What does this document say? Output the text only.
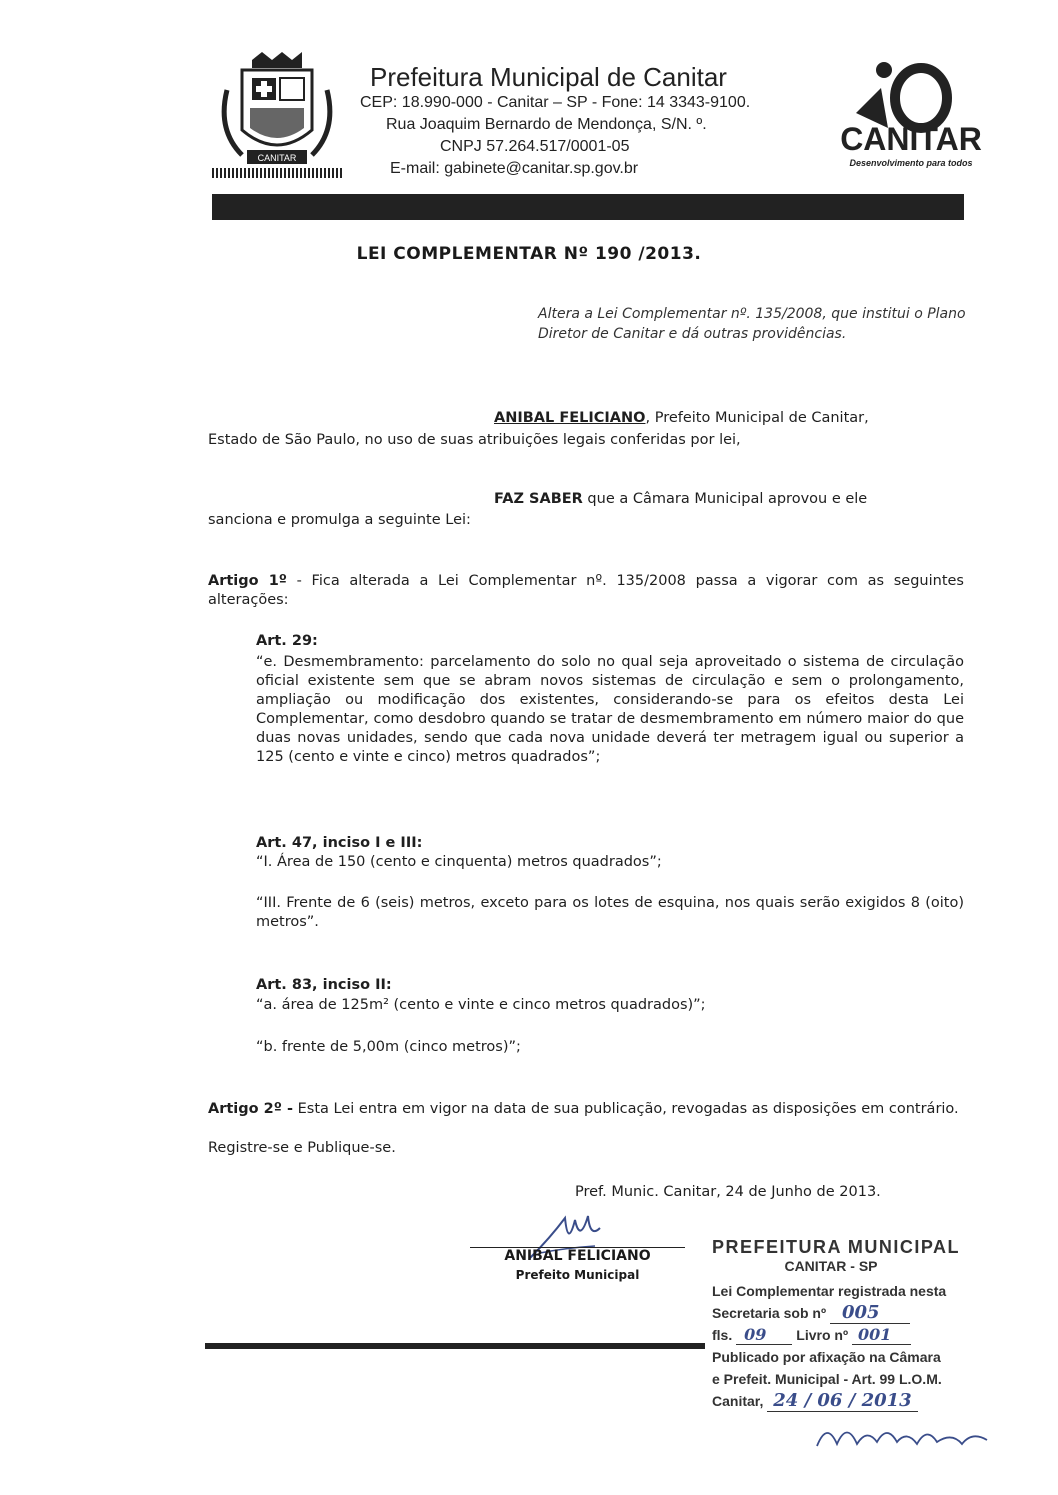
CANITAR
Prefeitura Municipal de Canitar
CEP: 18.990-000 - Canitar – SP - Fone: 14 3343-9100.
Rua Joaquim Bernardo de Mendonça, S/N. º.
CNPJ 57.264.517/0001-05
E-mail: gabinete@canitar.sp.gov.br
CANITAR
Desenvolvimento para todos
LEI COMPLEMENTAR Nº 190 /2013.
Altera a Lei Complementar nº. 135/2008, que institui o Plano Diretor de Canitar e dá outras providências.
ANIBAL FELICIANO, Prefeito Municipal de Canitar,
Estado de São Paulo, no uso de suas atribuições legais conferidas por lei,
FAZ SABER que a Câmara Municipal aprovou e ele
sanciona e promulga a seguinte Lei:
Artigo 1º - Fica alterada a Lei Complementar nº. 135/2008 passa a vigorar com as seguintes alterações:
Art. 29:
“e. Desmembramento: parcelamento do solo no qual seja aproveitado o sistema de circulação oficial existente sem que se abram novos sistemas de circulação e sem o prolongamento, ampliação ou modificação dos existentes, considerando-se para os efeitos desta Lei Complementar, como desdobro quando se tratar de desmembramento em número maior do que duas novas unidades, sendo que cada nova unidade deverá ter metragem igual ou superior a 125 (cento e vinte e cinco) metros quadrados”;
Art. 47, inciso I e III:
“I. Área de 150 (cento e cinquenta) metros quadrados”;
“III. Frente de 6 (seis) metros, exceto para os lotes de esquina, nos quais serão exigidos 8 (oito) metros”.
Art. 83, inciso II:
“a. área de 125m² (cento e vinte e cinco metros quadrados)”;
“b. frente de 5,00m (cinco metros)”;
Artigo 2º - Esta Lei entra em vigor na data de sua publicação, revogadas as disposições em contrário.
Registre-se e Publique-se.
Pref. Munic. Canitar, 24 de Junho de 2013.
ANIBAL FELICIANO
Prefeito Municipal
PREFEITURA MUNICIPAL
CANITAR - SP
Lei Complementar registrada nesta
Secretaria sob nº 005
fls. 09 Livro nº 001
Publicado por afixação na Câmara
e Prefeit. Municipal - Art. 99 L.O.M.
Canitar, 24 / 06 / 2013
